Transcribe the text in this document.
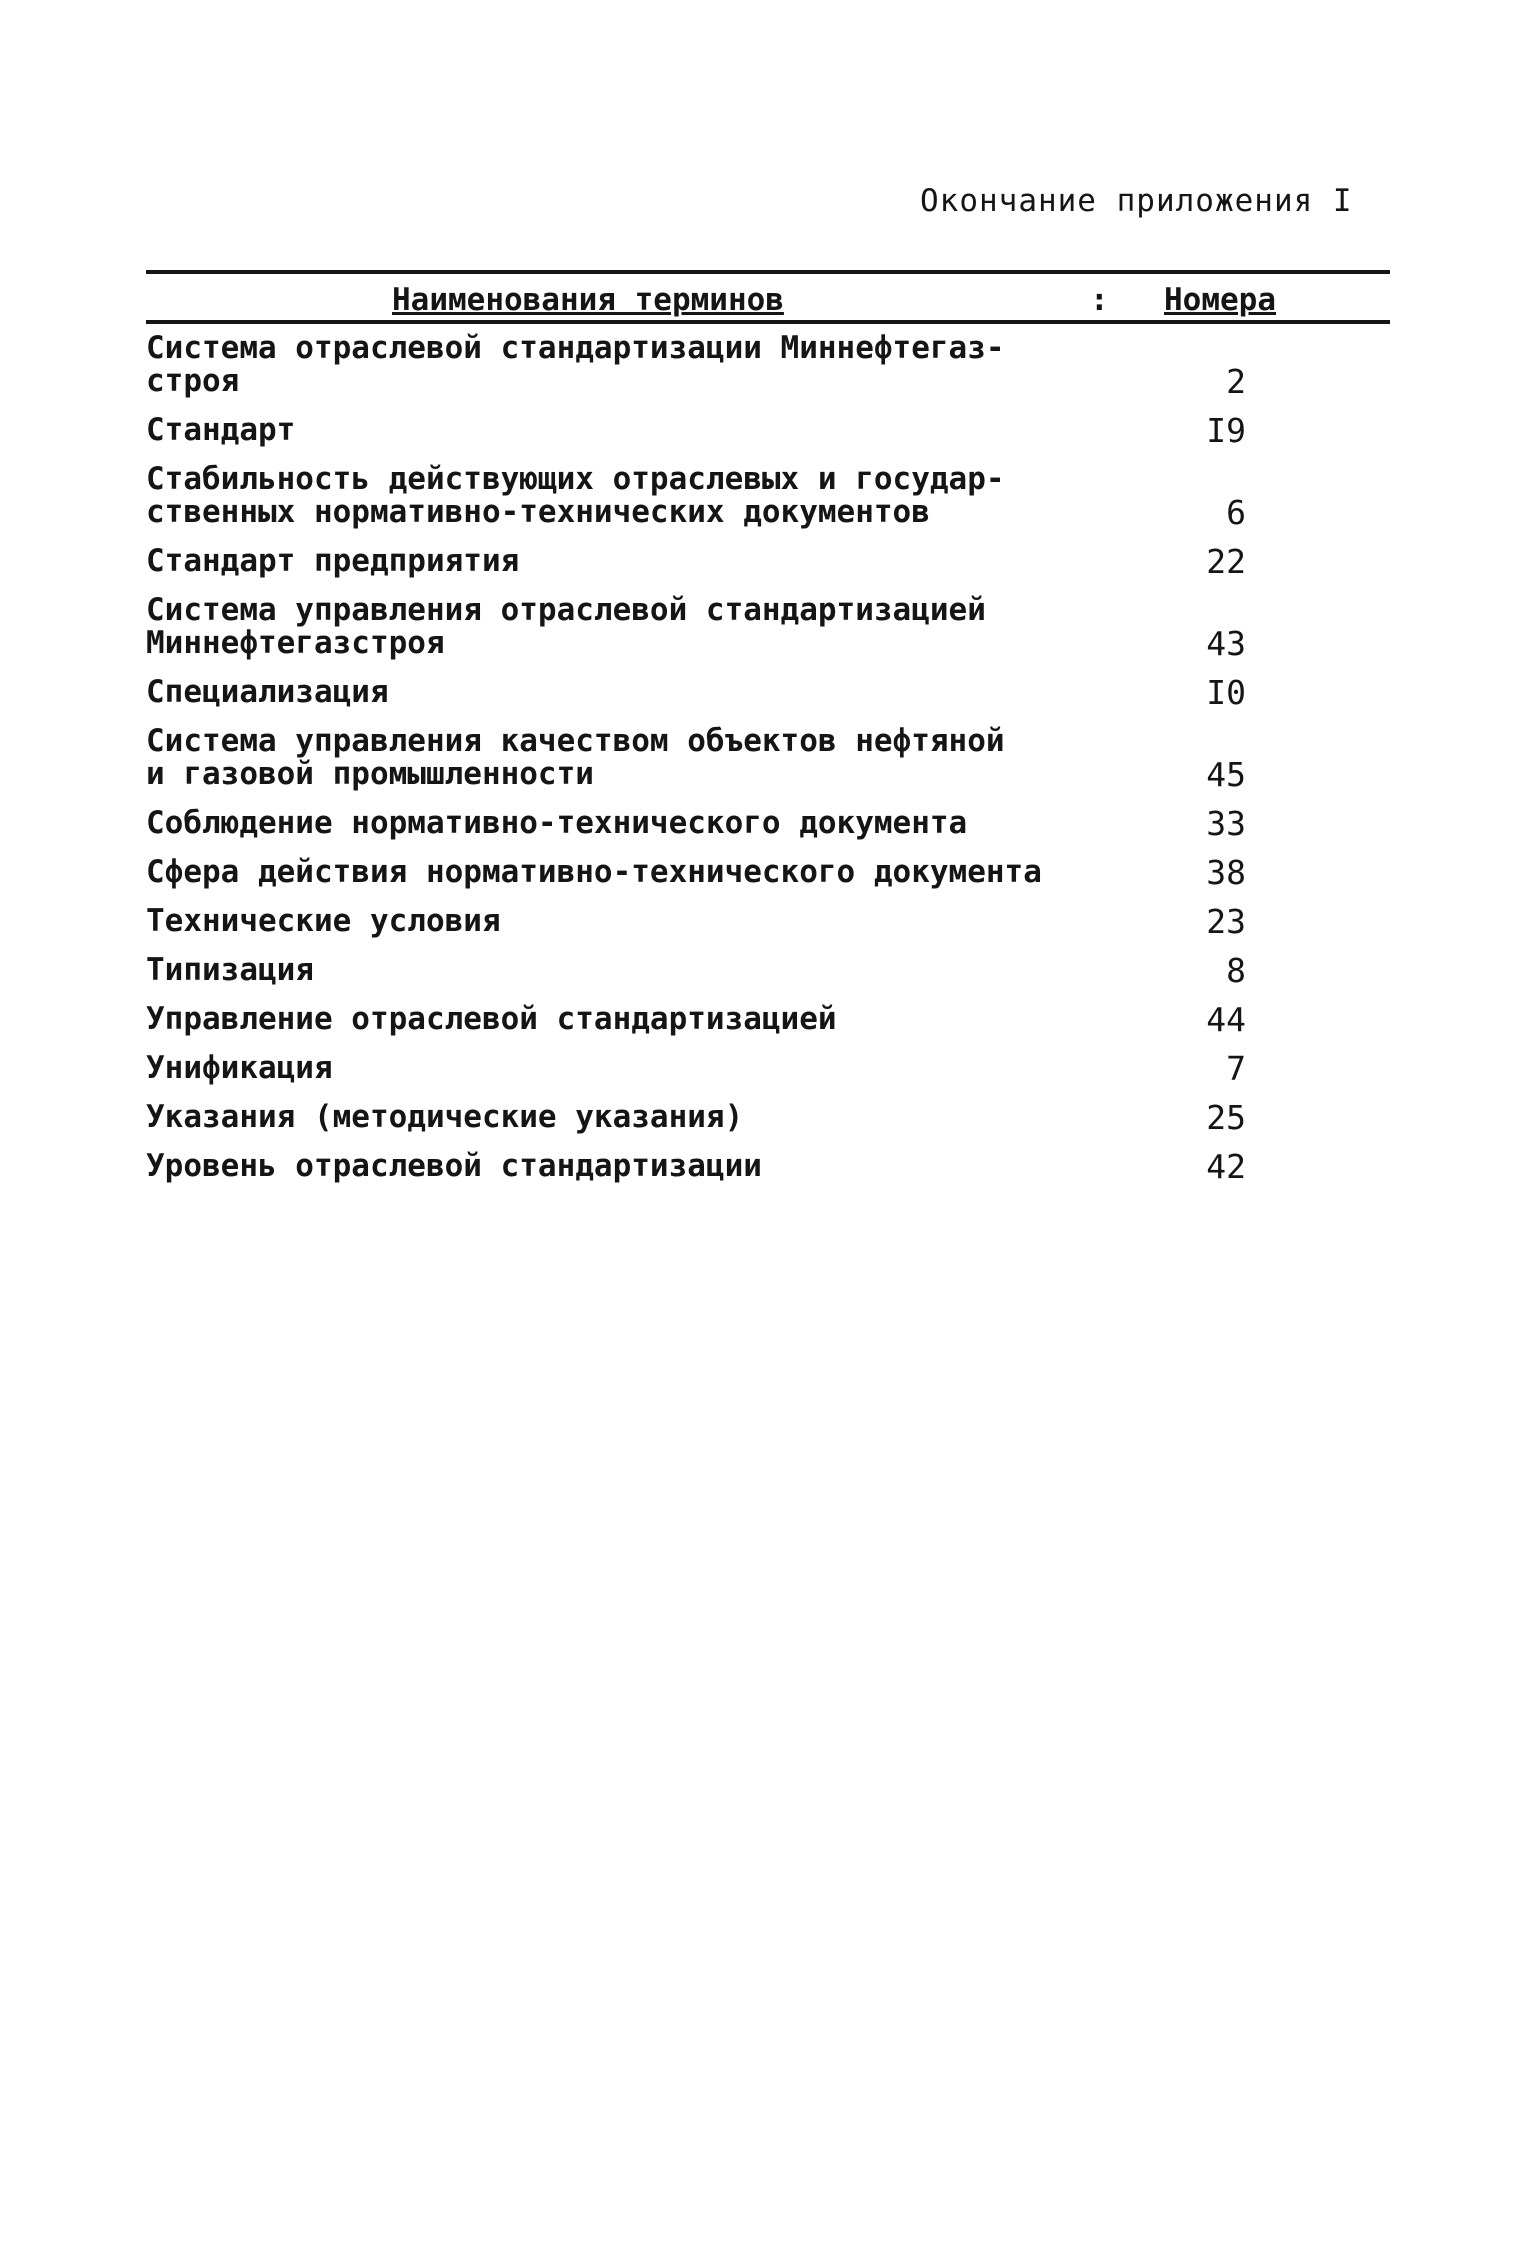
Окончание приложения I
Наименования терминов	: Номера
Система отраслевой стандартизации Миннефтегаз-
строя	2
Стандарт	I9
Стабильность действующих отраслевых и государ-
ственных нормативно-технических документов	6
Стандарт предприятия	22
Система управления отраслевой стандартизацией
Миннефтегазстроя	43
Специализация	I0
Система управления качеством объектов нефтяной
и газовой промышленности	45
Соблюдение нормативно-технического документа	33
Сфера действия нормативно-технического документа	38
Технические условия	23
Типизация	8
Управление отраслевой стандартизацией	44
Унификация	7
Указания (методические указания)	25
Уровень отраслевой стандартизации	42
